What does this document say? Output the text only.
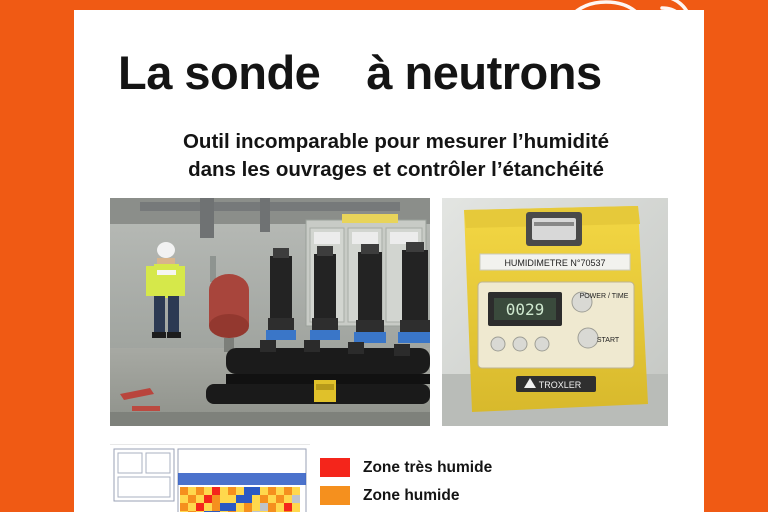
La sonde à neutrons
Outil incomparable pour mesurer l’humidité
dans les ouvrages et contrôler l’étanchéité
HUMIDIMETRE N°70537
0029
POWER / TIME
START
TROXLER
Zone très humide
Zone humide
